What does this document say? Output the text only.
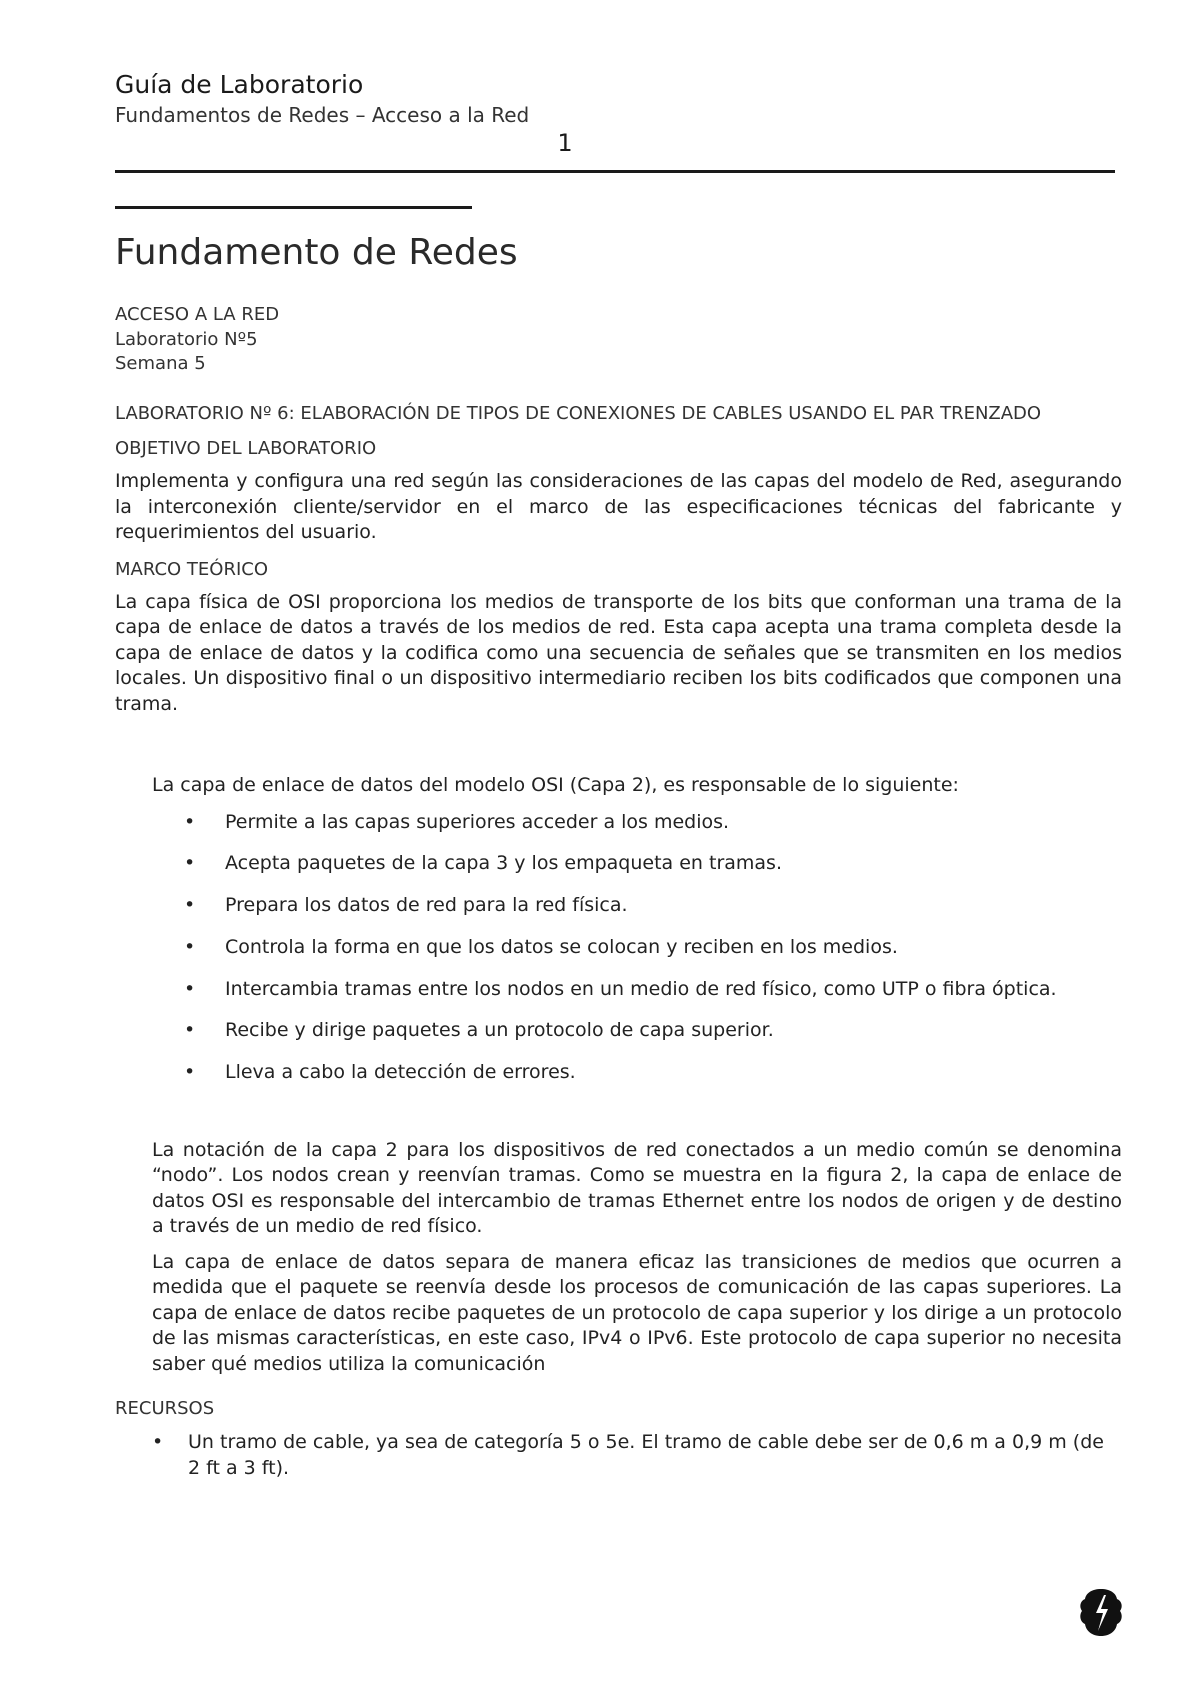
Guía de Laboratorio
Fundamentos de Redes – Acceso a la Red
1
Fundamento de Redes
ACCESO A LA RED
Laboratorio Nº5
Semana 5
LABORATORIO Nº 6: ELABORACIÓN DE TIPOS DE CONEXIONES DE CABLES USANDO EL PAR TRENZADO
OBJETIVO DEL LABORATORIO
Implementa y configura una red según las consideraciones de las capas del modelo de Red, asegurando la interconexión cliente/servidor en el marco de las especificaciones técnicas del fabricante y requerimientos del usuario.
MARCO TEÓRICO
La capa física de OSI proporciona los medios de transporte de los bits que conforman una trama de la capa de enlace de datos a través de los medios de red. Esta capa acepta una trama completa desde la capa de enlace de datos y la codifica como una secuencia de señales que se transmiten en los medios locales. Un dispositivo final o un dispositivo intermediario reciben los bits codificados que componen una trama.
La capa de enlace de datos del modelo OSI (Capa 2), es responsable de lo siguiente:
• Permite a las capas superiores acceder a los medios.
• Acepta paquetes de la capa 3 y los empaqueta en tramas.
• Prepara los datos de red para la red física.
• Controla la forma en que los datos se colocan y reciben en los medios.
• Intercambia tramas entre los nodos en un medio de red físico, como UTP o fibra óptica.
• Recibe y dirige paquetes a un protocolo de capa superior.
• Lleva a cabo la detección de errores.
La notación de la capa 2 para los dispositivos de red conectados a un medio común se denomina “nodo”. Los nodos crean y reenvían tramas. Como se muestra en la figura 2, la capa de enlace de datos OSI es responsable del intercambio de tramas Ethernet entre los nodos de origen y de destino a través de un medio de red físico.
La capa de enlace de datos separa de manera eficaz las transiciones de medios que ocurren a medida que el paquete se reenvía desde los procesos de comunicación de las capas superiores. La capa de enlace de datos recibe paquetes de un protocolo de capa superior y los dirige a un protocolo de las mismas características, en este caso, IPv4 o IPv6. Este protocolo de capa superior no necesita saber qué medios utiliza la comunicación
RECURSOS
• Un tramo de cable, ya sea de categoría 5 o 5e. El tramo de cable debe ser de 0,6 m a 0,9 m (de 2 ft a 3 ft).
